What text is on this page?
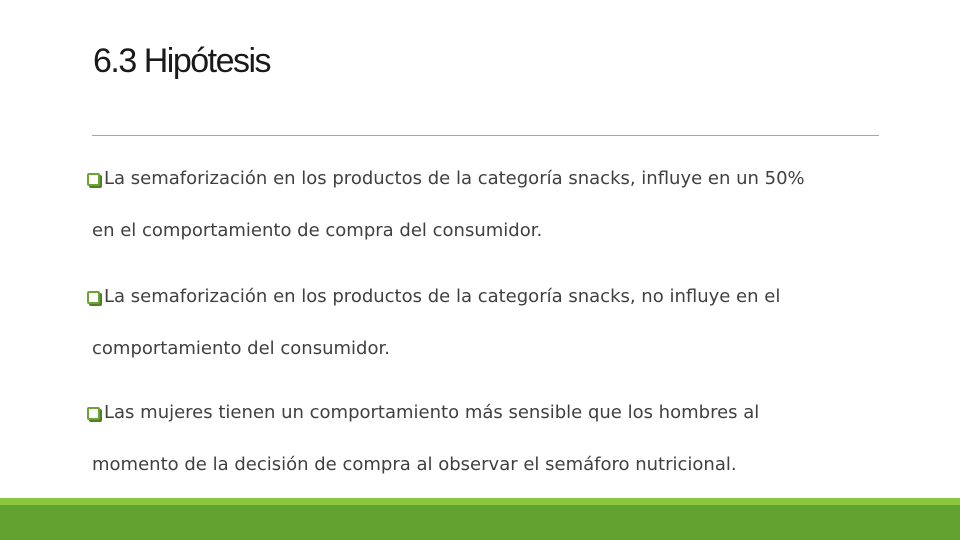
6.3 Hipótesis
La semaforización en los productos de la categoría snacks, influye en un 50%
en el comportamiento de compra del consumidor.
La semaforización en los productos de la categoría snacks, no influye en el
comportamiento del consumidor.
Las mujeres tienen un comportamiento más sensible que los hombres al
momento de la decisión de compra al observar el semáforo nutricional.
